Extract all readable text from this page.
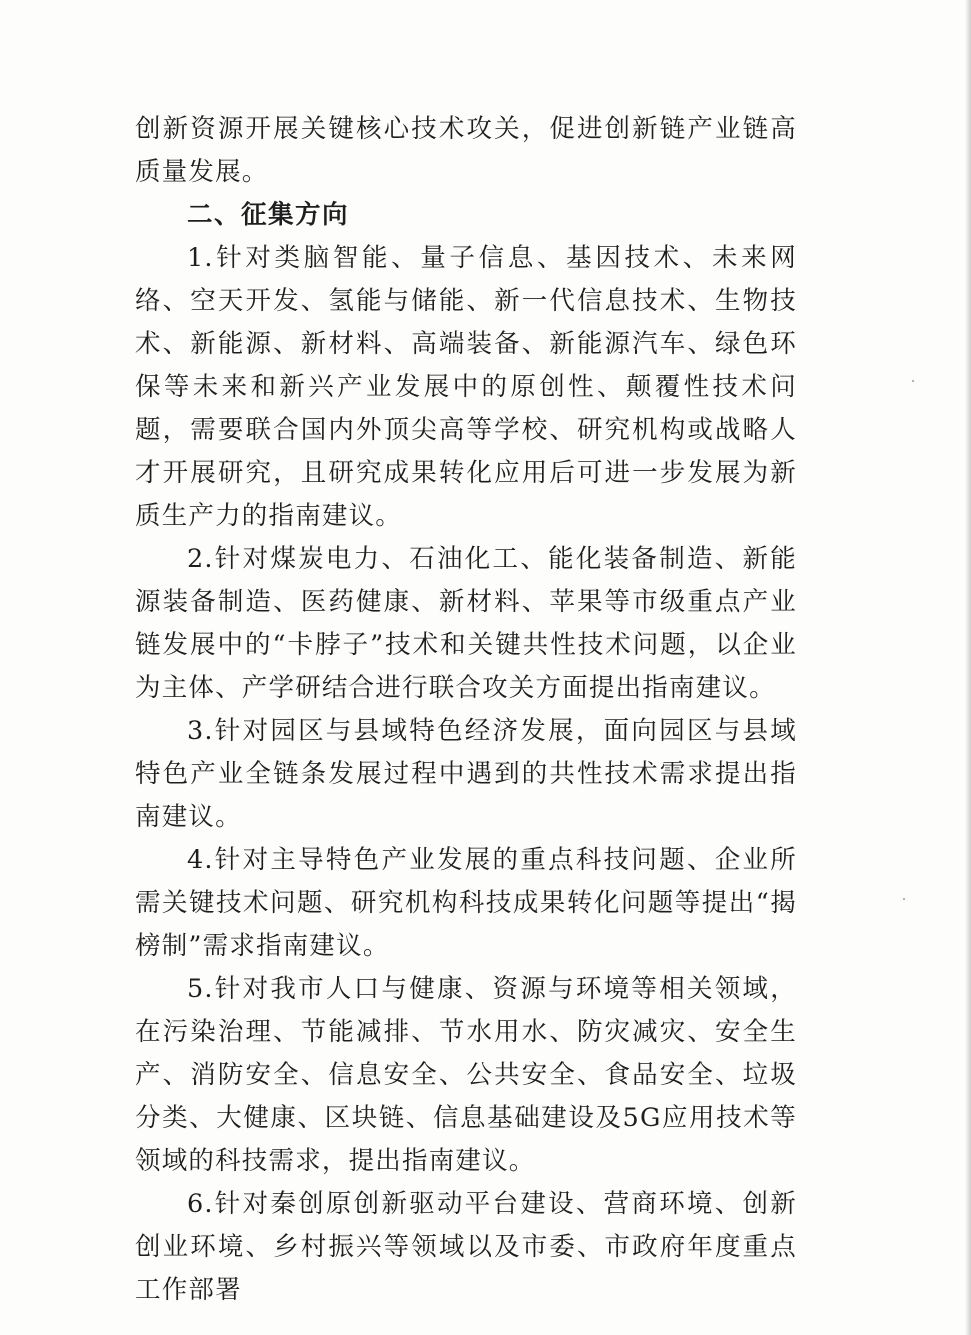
创新资源开展关键核心技术攻关，促进创新链产业链高质量发展。

二、征集方向

1.针对类脑智能、量子信息、基因技术、未来网络、空天开发、氢能与储能、新一代信息技术、生物技术、新能源、新材料、高端装备、新能源汽车、绿色环保等未来和新兴产业发展中的原创性、颠覆性技术问题，需要联合国内外顶尖高等学校、研究机构或战略人才开展研究，且研究成果转化应用后可进一步发展为新质生产力的指南建议。

2.针对煤炭电力、石油化工、能化装备制造、新能源装备制造、医药健康、新材料、苹果等市级重点产业链发展中的“卡脖子”技术和关键共性技术问题，以企业为主体、产学研结合进行联合攻关方面提出指南建议。

3.针对园区与县域特色经济发展，面向园区与县域特色产业全链条发展过程中遇到的共性技术需求提出指南建议。

4.针对主导特色产业发展的重点科技问题、企业所需关键技术问题、研究机构科技成果转化问题等提出“揭榜制”需求指南建议。

5.针对我市人口与健康、资源与环境等相关领域，在污染治理、节能减排、节水用水、防灾减灾、安全生产、消防安全、信息安全、公共安全、食品安全、垃圾分类、大健康、区块链、信息基础建设及5G应用技术等领域的科技需求，提出指南建议。

6.针对秦创原创新驱动平台建设、营商环境、创新创业环境、乡村振兴等领域以及市委、市政府年度重点工作部署
